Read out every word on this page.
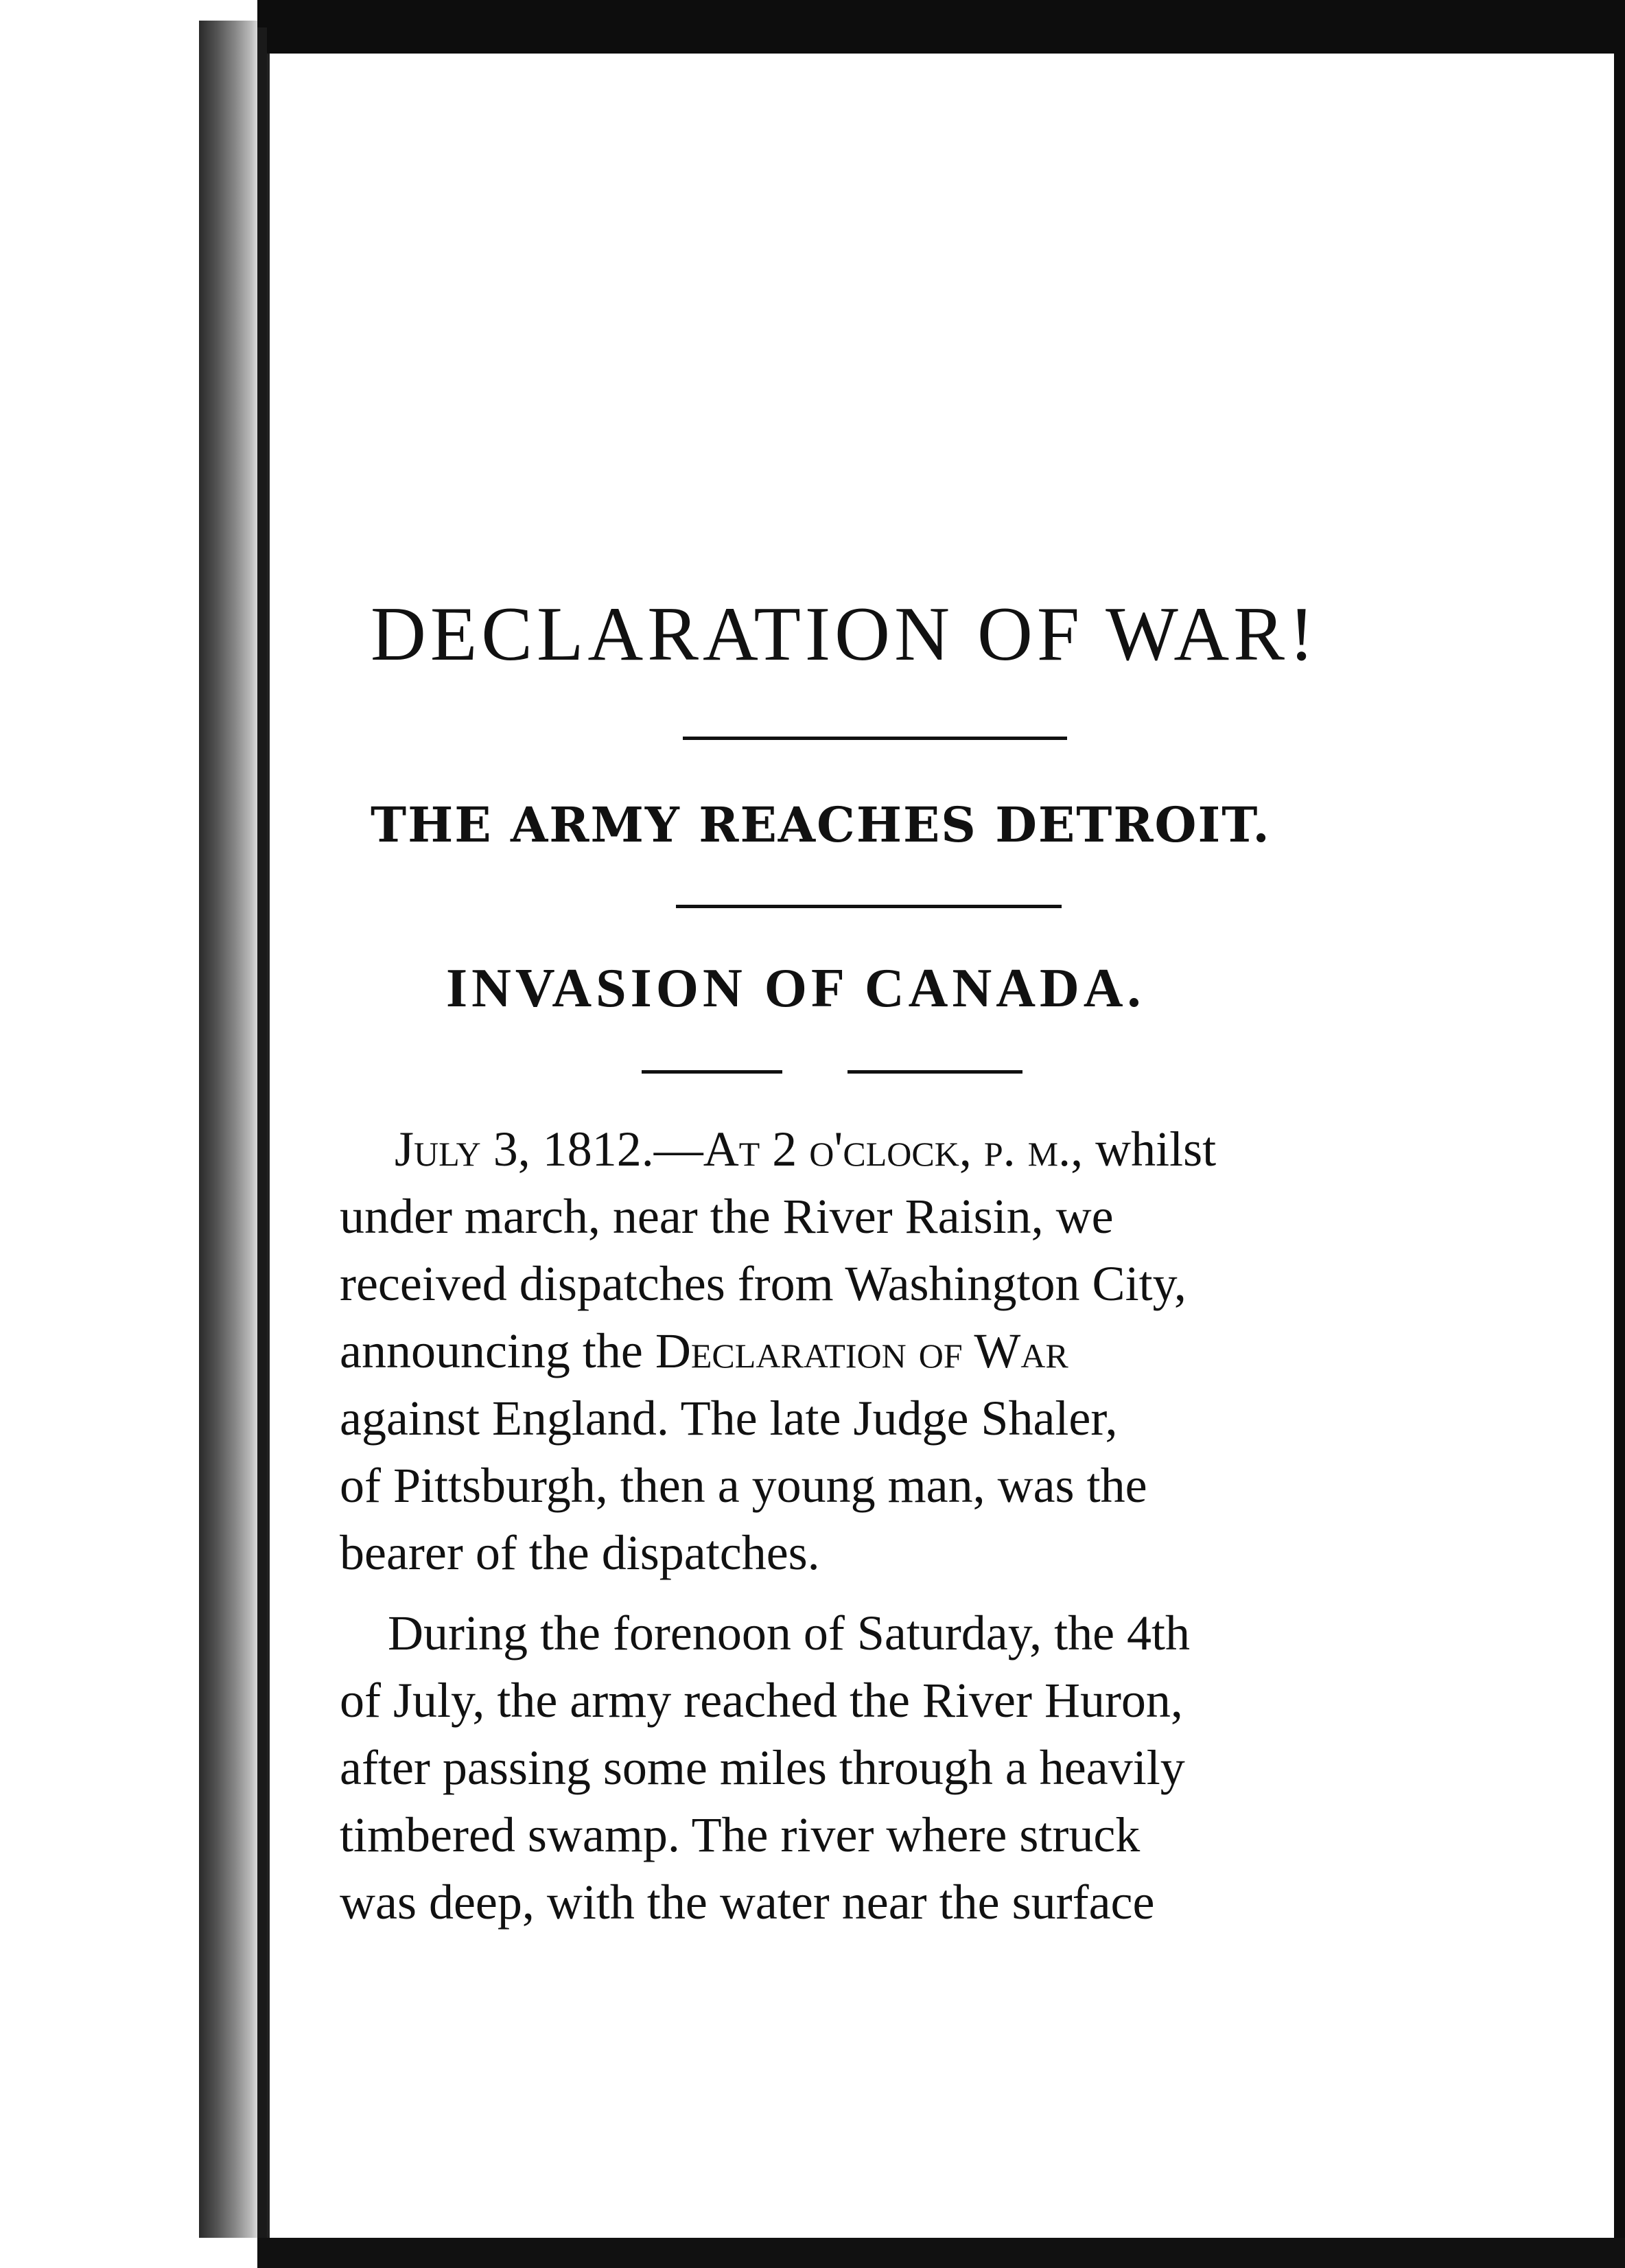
DECLARATION OF WAR!
THE ARMY REACHES DETROIT.
INVASION OF CANADA.
July 3, 1812.—At 2 o'clock, p. m., whilst
under march, near the River Raisin, we
received dispatches from Washington City,
announcing the Declaration of War
against England. The late Judge Shaler,
of Pittsburgh, then a young man, was the
bearer of the dispatches.
During the forenoon of Saturday, the 4th
of July, the army reached the River Huron,
after passing some miles through a heavily
timbered swamp. The river where struck
was deep, with the water near the surface
